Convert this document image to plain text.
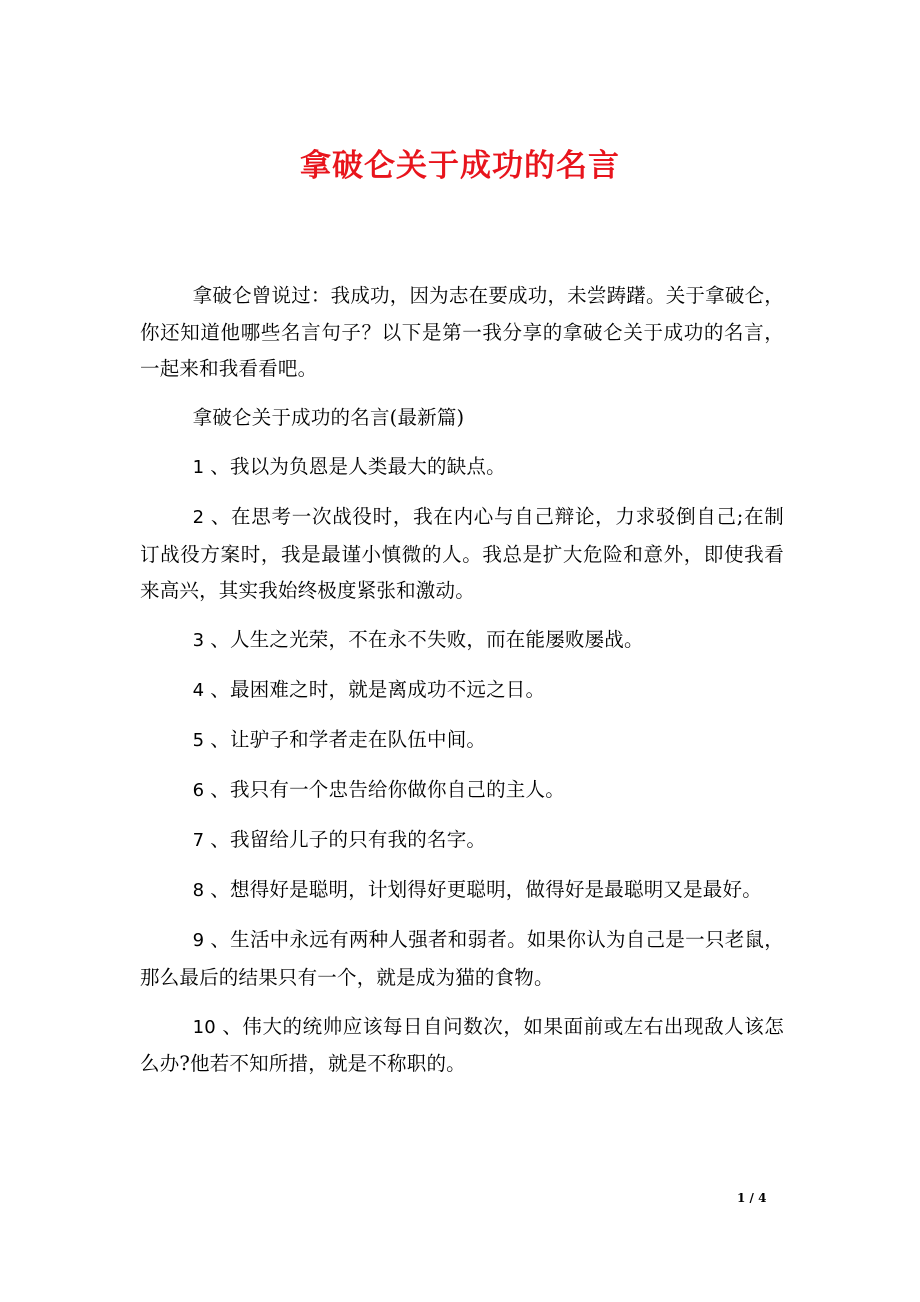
拿破仑关于成功的名言

拿破仑曾说过：我成功，因为志在要成功，未尝踌躇。关于拿破仑，你还知道他哪些名言句子？以下是第一我分享的拿破仑关于成功的名言，一起来和我看看吧。

拿破仑关于成功的名言(最新篇)

1 、我以为负恩是人类最大的缺点。

2 、在思考一次战役时，我在内心与自己辩论，力求驳倒自己;在制订战役方案时，我是最谨小慎微的人。我总是扩大危险和意外，即使我看来高兴，其实我始终极度紧张和激动。

3 、人生之光荣，不在永不失败，而在能屡败屡战。

4 、最困难之时，就是离成功不远之日。

5 、让驴子和学者走在队伍中间。

6 、我只有一个忠告给你做你自己的主人。

7 、我留给儿子的只有我的名字。

8 、想得好是聪明，计划得好更聪明，做得好是最聪明又是最好。

9 、生活中永远有两种人强者和弱者。如果你认为自己是一只老鼠，那么最后的结果只有一个，就是成为猫的食物。

10 、伟大的统帅应该每日自问数次，如果面前或左右出现敌人该怎么办?他若不知所措，就是不称职的。

1 / 4
